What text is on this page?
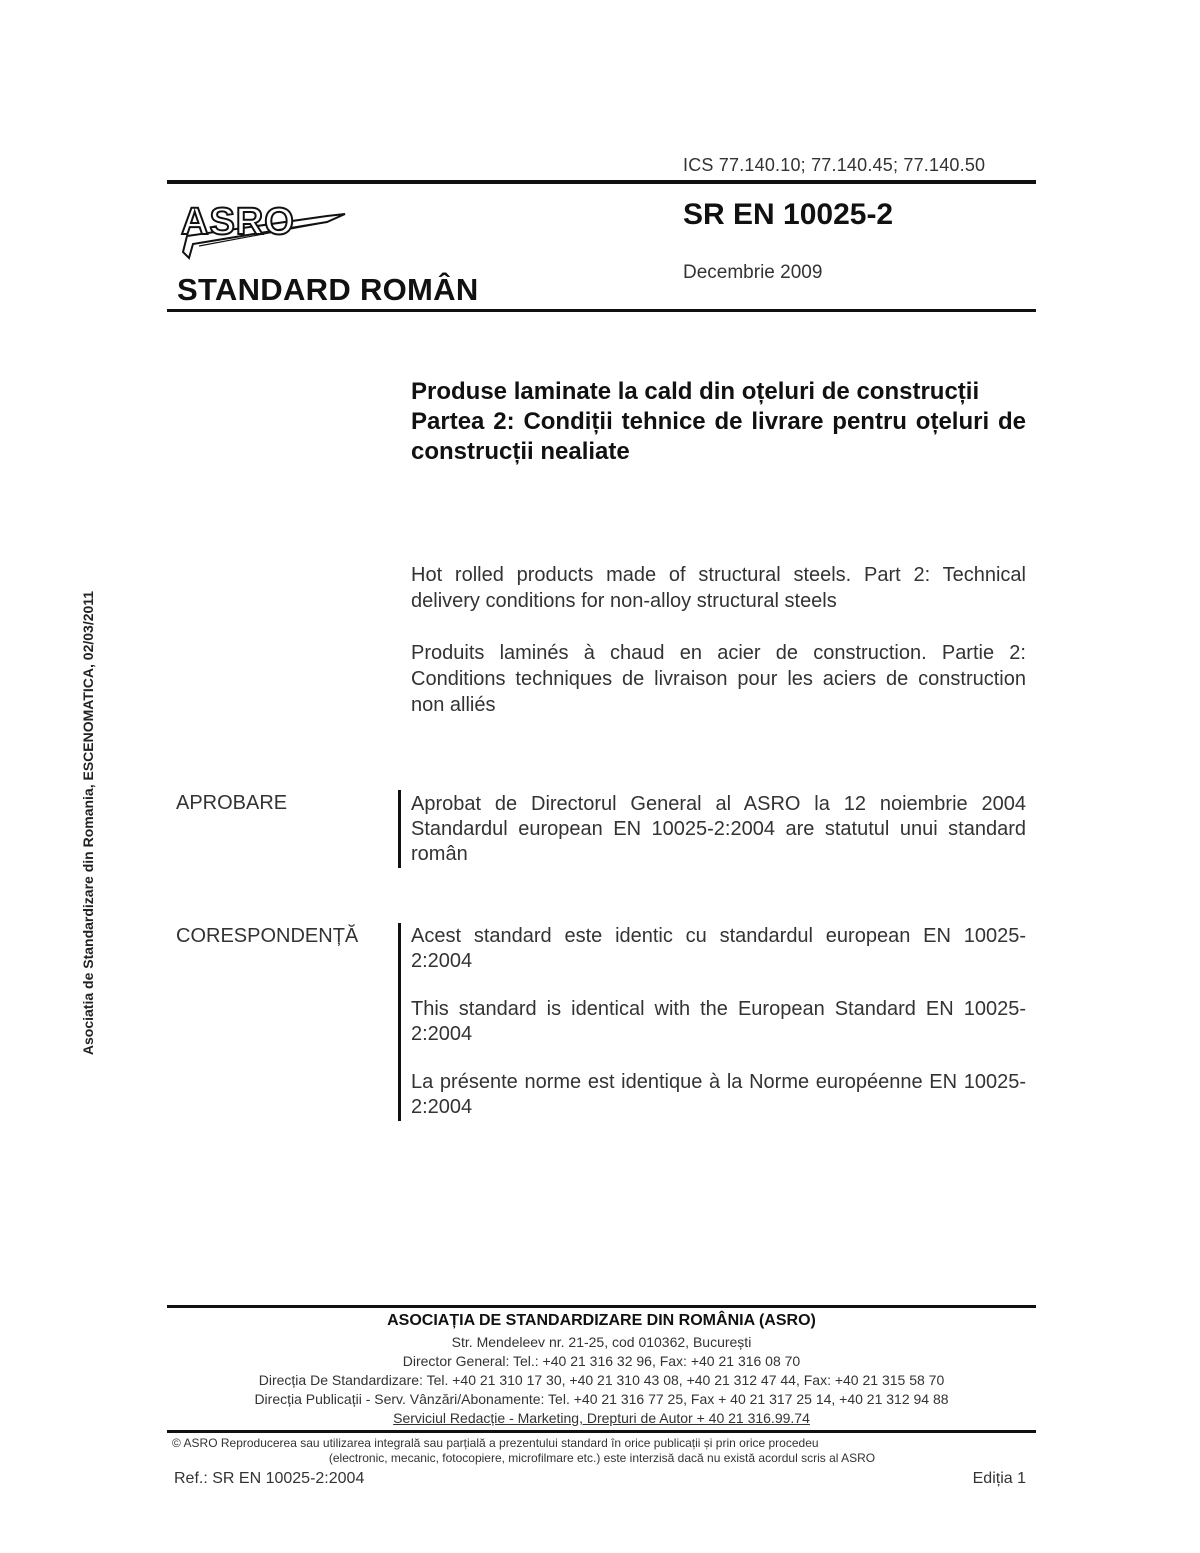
ICS 77.140.10; 77.140.45; 77.140.50
ASRO	SR EN 10025-2
Decembrie 2009
STANDARD ROMÂN
Asociatia de Standardizare din Romania, ESCENOMATICA, 02/03/2011

Produse laminate la cald din oțeluri de construcții

Partea 2: Condiții tehnice de livrare pentru oțeluri de construcții nealiate

Hot rolled products made of structural steels. Part 2: Technical delivery conditions for non-alloy structural steels
Produits laminés à chaud en acier de construction. Partie 2: Conditions techniques de livraison pour les aciers de construction non alliés
APROBARE	Aprobat de Directorul General al ASRO la 12 noiembrie 2004 Standardul european EN 10025-2:2004 are statutul unui standard român
CORESPONDENȚĂ	Acest standard este identic cu standardul european EN 10025-2:2004

This standard is identical with the European Standard EN 10025-2:2004

La présente norme est identique à la Norme européenne EN 10025-2:2004

ASOCIAȚIA DE STANDARDIZARE DIN ROMÂNIA (ASRO)
Str. Mendeleev nr. 21-25, cod 010362, București
Director General: Tel.: +40 21 316 32 96, Fax: +40 21 316 08 70
Direcția De Standardizare: Tel. +40 21 310 17 30, +40 21 310 43 08, +40 21 312 47 44, Fax: +40 21 315 58 70
Direcția Publicații - Serv. Vânzări/Abonamente: Tel. +40 21 316 77 25, Fax + 40 21 317 25 14, +40 21 312 94 88
Serviciul Redacție - Marketing, Drepturi de Autor + 40 21 316.99.74
© ASRO Reproducerea sau utilizarea integrală sau parțială a prezentului standard în orice publicații și prin orice procedeu
(electronic, mecanic, fotocopiere, microfilmare etc.) este interzisă dacă nu există acordul scris al ASRO
Ref.: SR EN 10025-2:2004	Ediția 1
